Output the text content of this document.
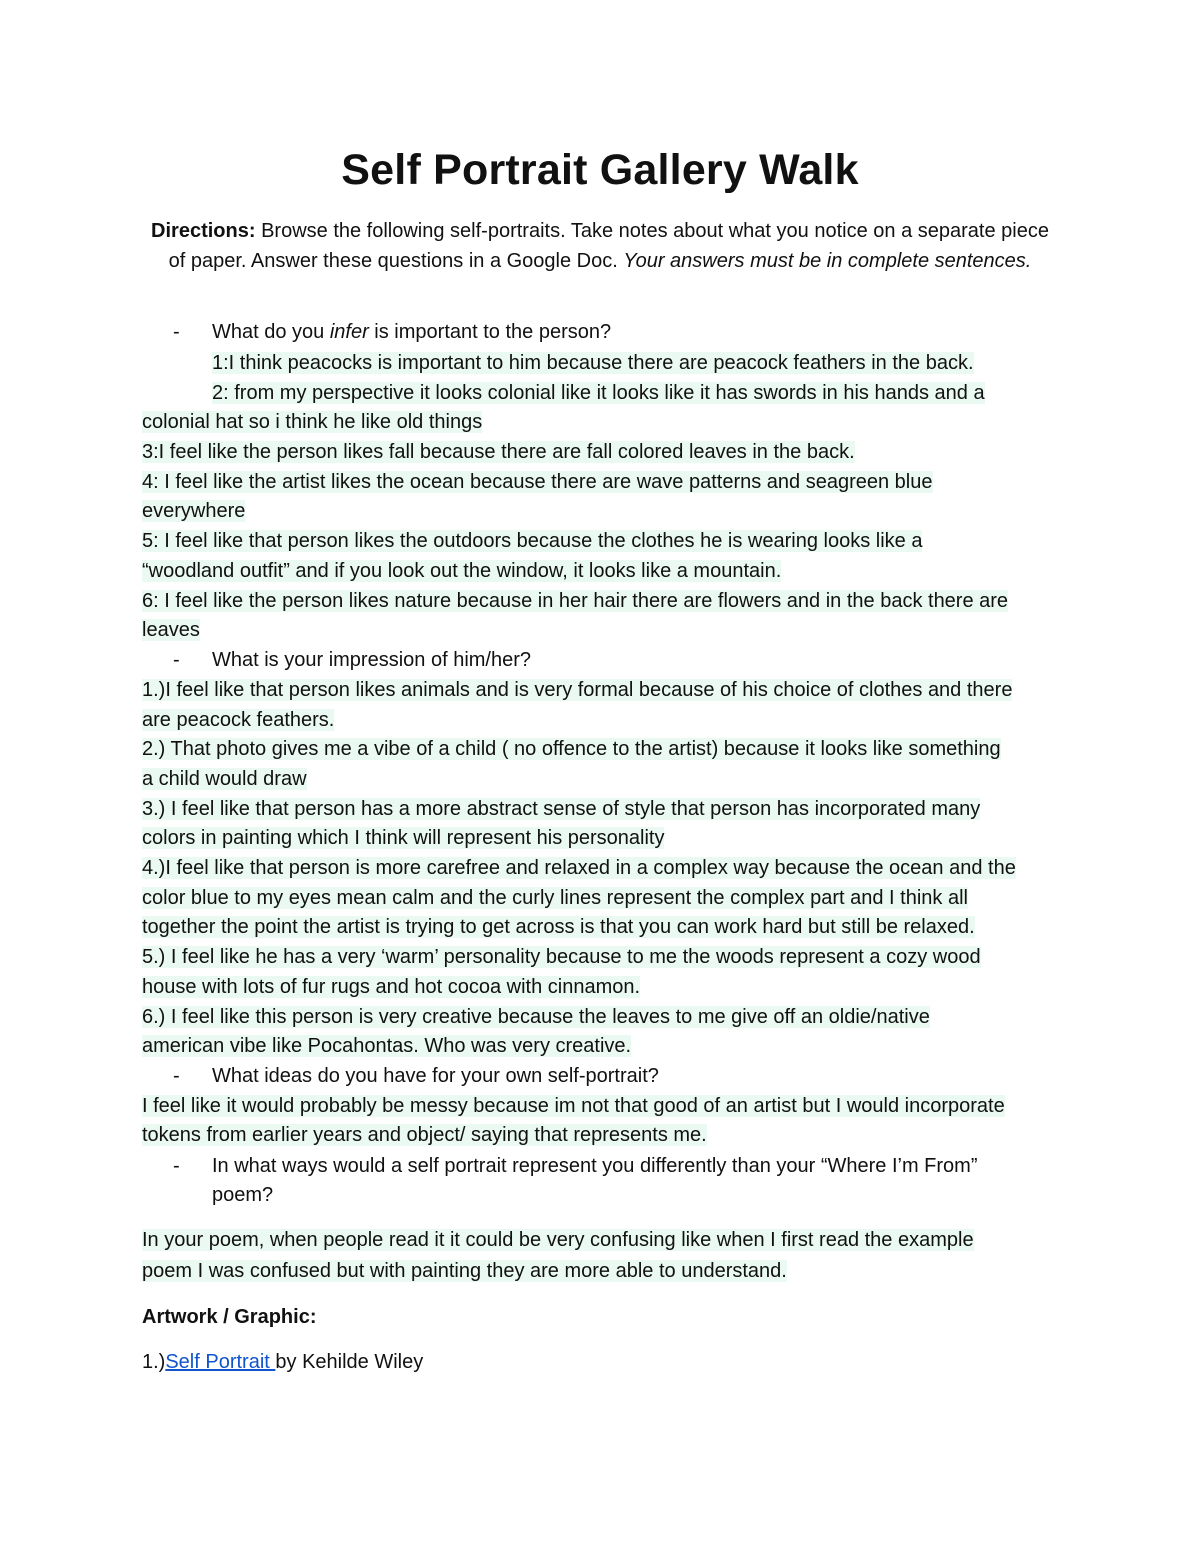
Self Portrait Gallery Walk
Directions: Browse the following self-portraits. Take notes about what you notice on a separate piece of paper. Answer these questions in a Google Doc. Your answers must be in complete sentences.
- What do you infer is important to the person?
1:I think peacocks is important to him because there are peacock feathers in the back.
2: from my perspective it looks colonial like it looks like it has swords in his hands and a
colonial hat so i think he like old things
3:I feel like the person likes fall because there are fall colored leaves in the back.
4: I feel like the artist likes the ocean because there are wave patterns and seagreen blue
everywhere
5: I feel like that person likes the outdoors because the clothes he is wearing looks like a
“woodland outfit” and if you look out the window, it looks like a mountain.
6: I feel like the person likes nature because in her hair there are flowers and in the back there are
leaves
- What is your impression of him/her?
1.)I feel like that person likes animals and is very formal because of his choice of clothes and there
are peacock feathers.
2.) That photo gives me a vibe of a child ( no offence to the artist) because it looks like something
a child would draw
3.) I feel like that person has a more abstract sense of style that person has incorporated many
colors in painting which I think will represent his personality
4.)I feel like that person is more carefree and relaxed in a complex way because the ocean and the
color blue to my eyes mean calm and the curly lines represent the complex part and I think all
together the point the artist is trying to get across is that you can work hard but still be relaxed.
5.) I feel like he has a very ‘warm’ personality because to me the woods represent a cozy wood
house with lots of fur rugs and hot cocoa with cinnamon.
6.) I feel like this person is very creative because the leaves to me give off an oldie/native
american vibe like Pocahontas. Who was very creative.
- What ideas do you have for your own self-portrait?
I feel like it would probably be messy because im not that good of an artist but I would incorporate
tokens from earlier years and object/ saying that represents me.
- In what ways would a self portrait represent you differently than your “Where I’m From”
poem?
In your poem, when people read it it could be very confusing like when I first read the example
poem I was confused but with painting they are more able to understand.
Artwork / Graphic:
1.)Self Portrait by Kehilde Wiley
